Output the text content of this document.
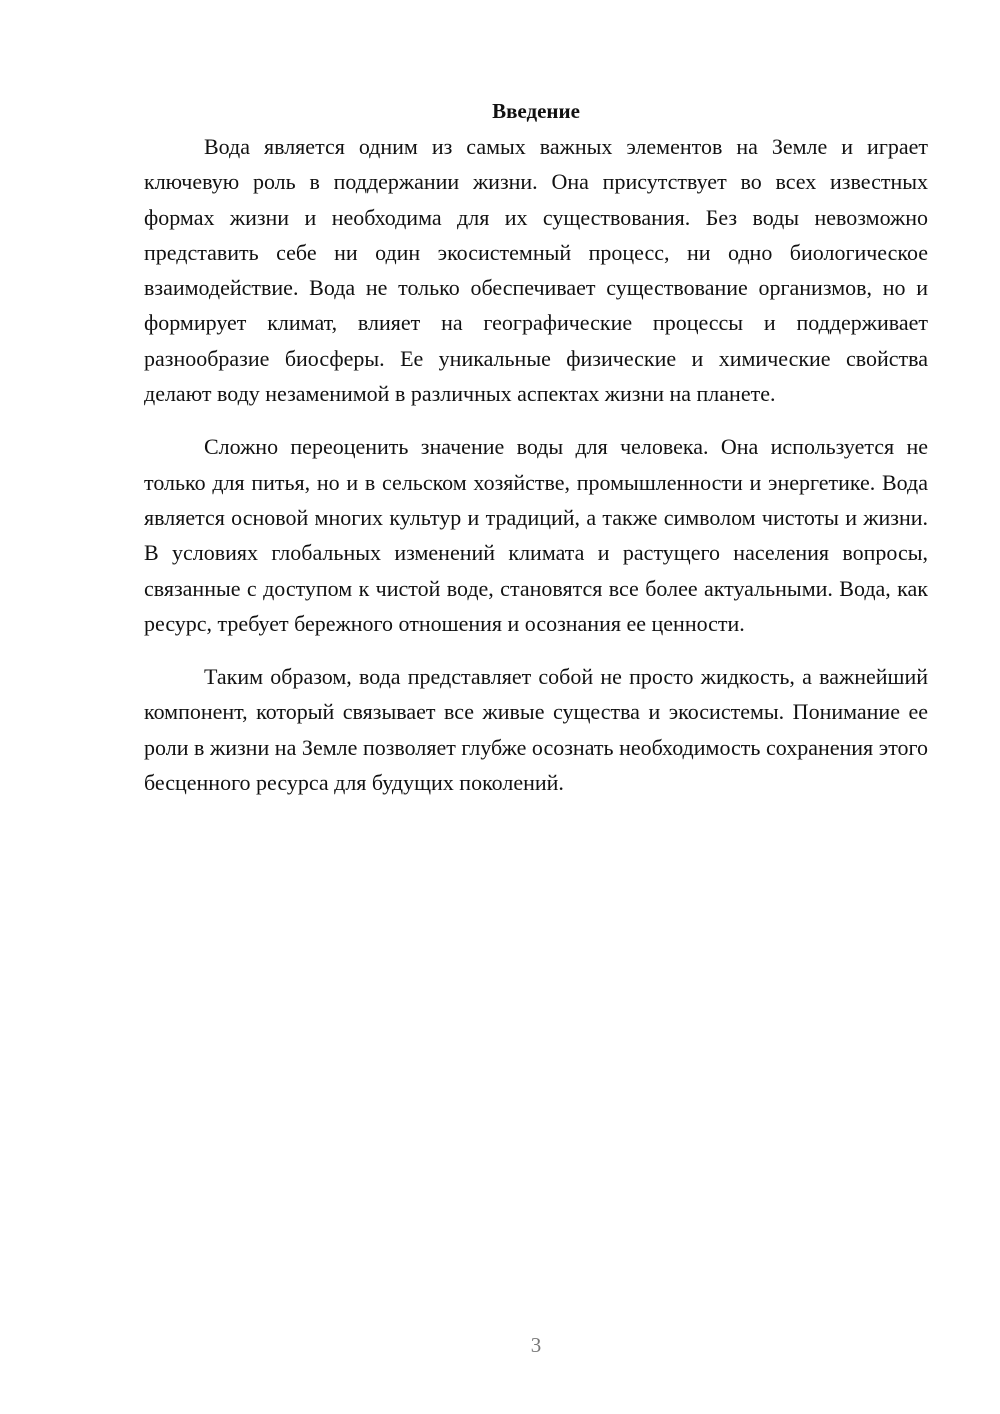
Введение

Вода является одним из самых важных элементов на Земле и играет ключевую роль в поддержании жизни. Она присутствует во всех известных формах жизни и необходима для их существования. Без воды невозможно представить себе ни один экосистемный процесс, ни одно биологическое взаимодействие. Вода не только обеспечивает существование организмов, но и формирует климат, влияет на географические процессы и поддерживает разнообразие биосферы. Ее уникальные физические и химические свойства делают воду незаменимой в различных аспектах жизни на планете.

Сложно переоценить значение воды для человека. Она используется не только для питья, но и в сельском хозяйстве, промышленности и энергетике. Вода является основой многих культур и традиций, а также символом чистоты и жизни. В условиях глобальных изменений климата и растущего населения вопросы, связанные с доступом к чистой воде, становятся все более актуальными. Вода, как ресурс, требует бережного отношения и осознания ее ценности.

Таким образом, вода представляет собой не просто жидкость, а важнейший компонент, который связывает все живые существа и экосистемы. Понимание ее роли в жизни на Земле позволяет глубже осознать необходимость сохранения этого бесценного ресурса для будущих поколений.

3
